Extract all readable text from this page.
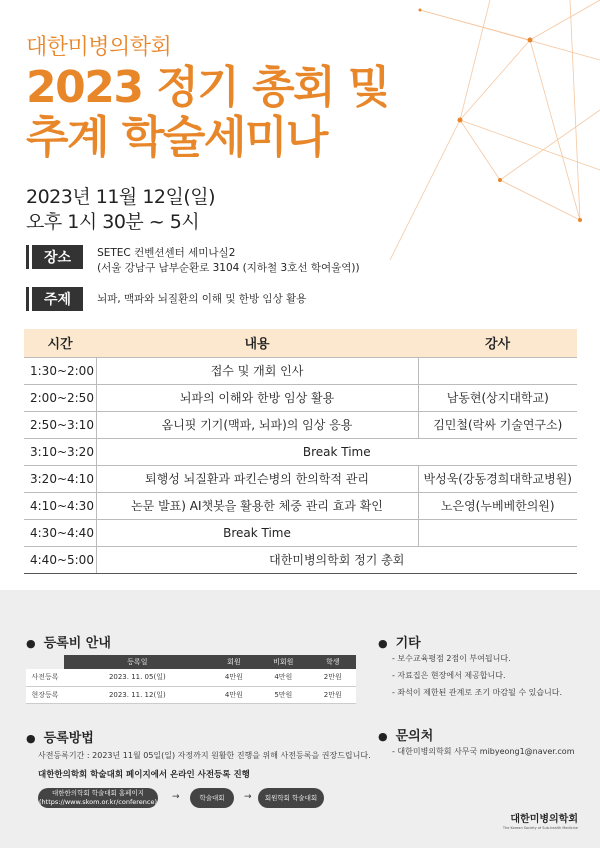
대한미병의학회
2023 정기 총회 및
추계 학술세미나
2023년 11월 12일(일)
오후 1시 30분 ~ 5시
장소	SETEC 컨벤션센터 세미나실2
(서울 강남구 남부순환로 3104 (지하철 3호선 학여울역))
주제	뇌파, 맥파와 뇌질환의 이해 및 한방 임상 활용
시간	내용	강사
1:30~2:00	접수 및 개회 인사	
2:00~2:50	뇌파의 이해와 한방 임상 활용	남동현(상지대학교)
2:50~3:10	옴니핏 기기(맥파, 뇌파)의 임상 응용	김민철(락싸 기술연구소)
3:10~3:20	Break Time	
3:20~4:10	퇴행성 뇌질환과 파킨슨병의 한의학적 관리	박성욱(강동경희대학교병원)
4:10~4:30	논문 발표) AI챗봇을 활용한 체중 관리 효과 확인	노은영(누베베한의원)
4:30~4:40	Break Time	
4:40~5:00	대한미병의학회 정기 총회	
● 등록비 안내
	등록일	회원	비회원	학생
사전등록	2023. 11. 05(일)	4만원	4만원	2만원
현장등록	2023. 11. 12(일)	4만원	5만원	2만원
● 기타
- 보수교육평점 2점이 부여됩니다.
- 자료집은 현장에서 제공합니다.
- 좌석이 제한된 관계로 조기 마감될 수 있습니다.
● 등록방법
사전등록기간 : 2023년 11월 05일(일) 자정까지 원활한 진행을 위해 사전등록을 권장드립니다.
대한한의학회 학술대회 페이지에서 온라인 사전등록 진행
대한한의학회 학술대회 홈페이지
(https://www.skom.or.kr/conference) →	학술대회	→	회원학회 학술대회
● 문의처
- 대한미병의학회 사무국 mibyeong1@naver.com
대한미병의학회
The Korean Society of Sub-health Medicine
